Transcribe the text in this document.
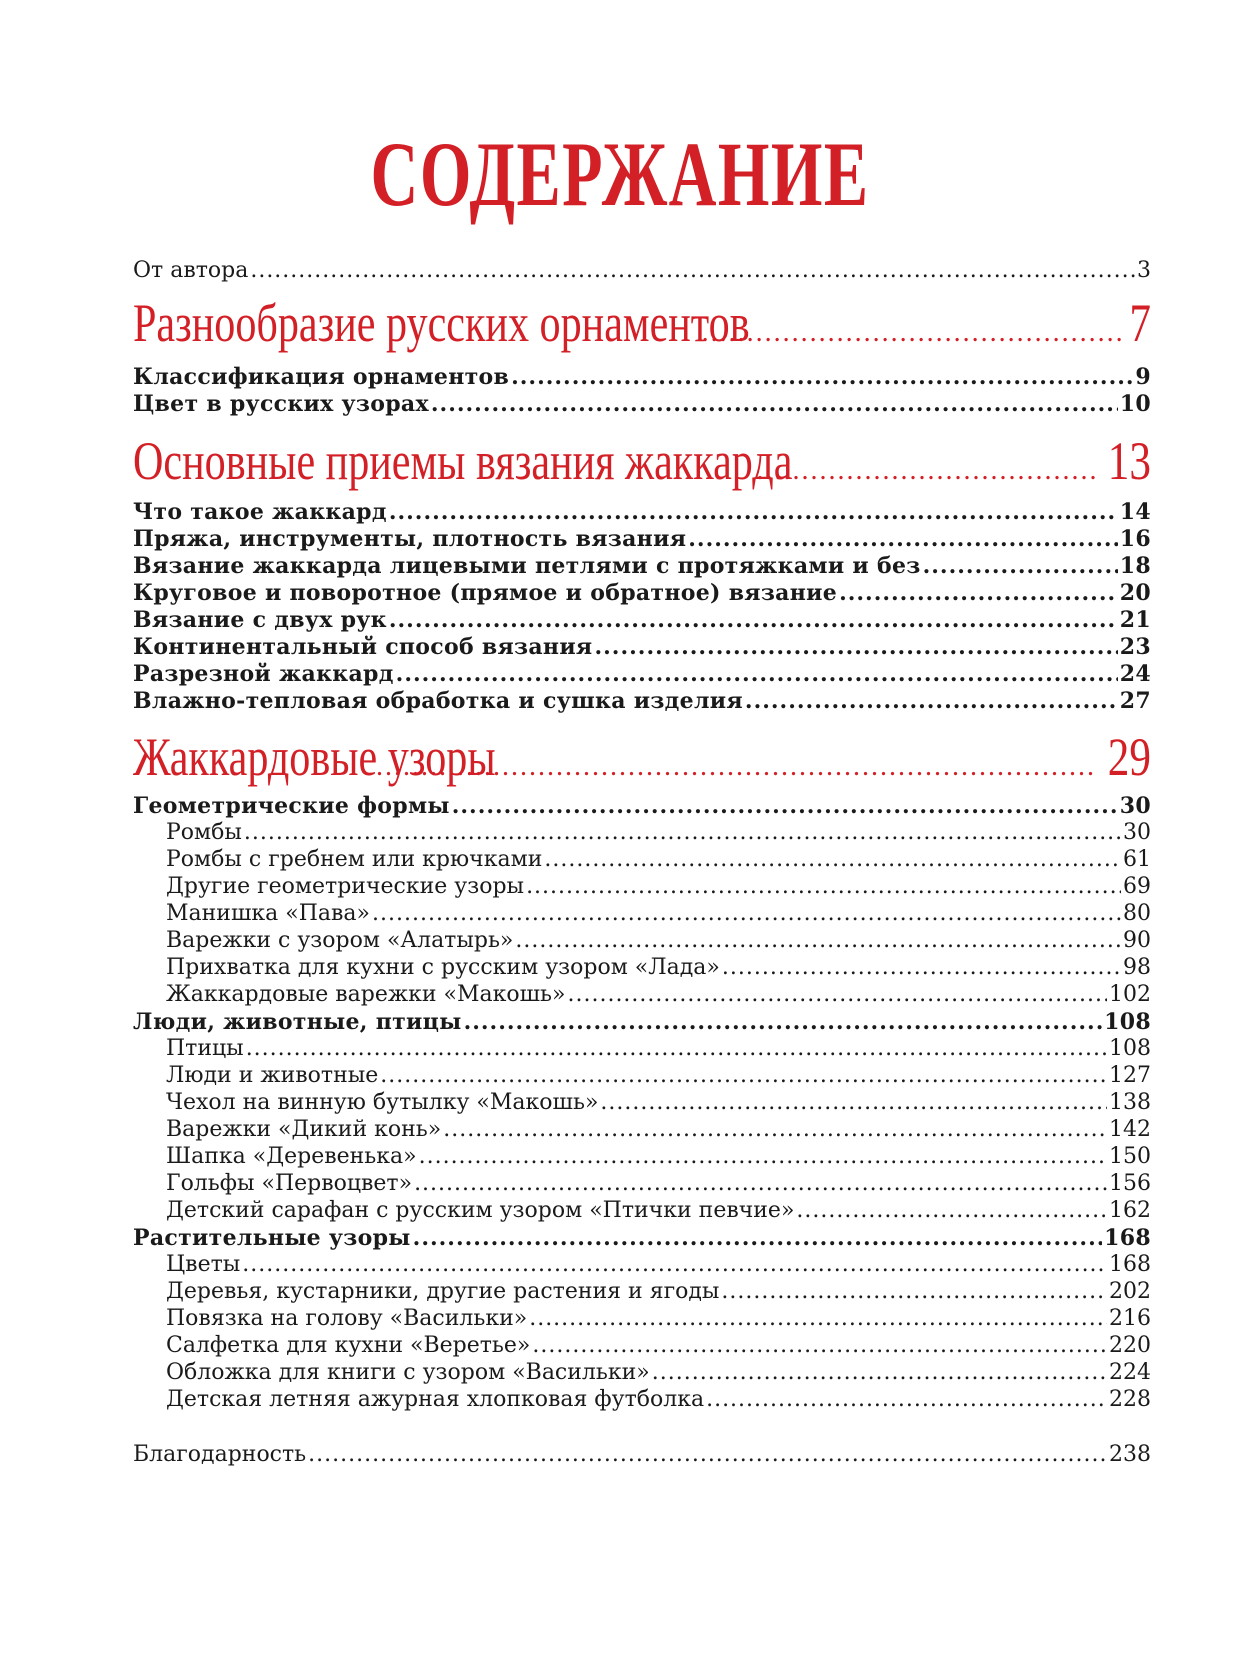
СОДЕРЖАНИЕ
От автора .....	3
Разнообразие русских орнаментов .....	7
Классификация орнаментов .....	9
Цвет в русских узорах .....	10
Основные приемы вязания жаккарда .....	13
Что такое жаккард .....	14
Пряжа, инструменты, плотность вязания .....	16
Вязание жаккарда лицевыми петлями с протяжками и без .....	18
Круговое и поворотное (прямое и обратное) вязание .....	20
Вязание с двух рук .....	21
Континентальный способ вязания .....	23
Разрезной жаккард .....	24
Влажно-тепловая обработка и сушка изделия .....	27
Жаккардовые узоры .....	29
Геометрические формы .....	30
Ромбы .....	30
Ромбы с гребнем или крючками .....	61
Другие геометрические узоры .....	69
Манишка «Пава» .....	80
Варежки с узором «Алатырь» .....	90
Прихватка для кухни с русским узором «Лада» .....	98
Жаккардовые варежки «Макошь» .....	102
Люди, животные, птицы .....	108
Птицы .....	108
Люди и животные .....	127
Чехол на винную бутылку «Макошь» .....	138
Варежки «Дикий конь» .....	142
Шапка «Деревенька» .....	150
Гольфы «Первоцвет» .....	156
Детский сарафан с русским узором «Птички певчие» .....	162
Растительные узоры .....	168
Цветы .....	168
Деревья, кустарники, другие растения и ягоды .....	202
Повязка на голову «Васильки» .....	216
Салфетка для кухни «Веретье» .....	220
Обложка для книги с узором «Васильки» .....	224
Детская летняя ажурная хлопковая футболка .....	228
Благодарность .....	238
